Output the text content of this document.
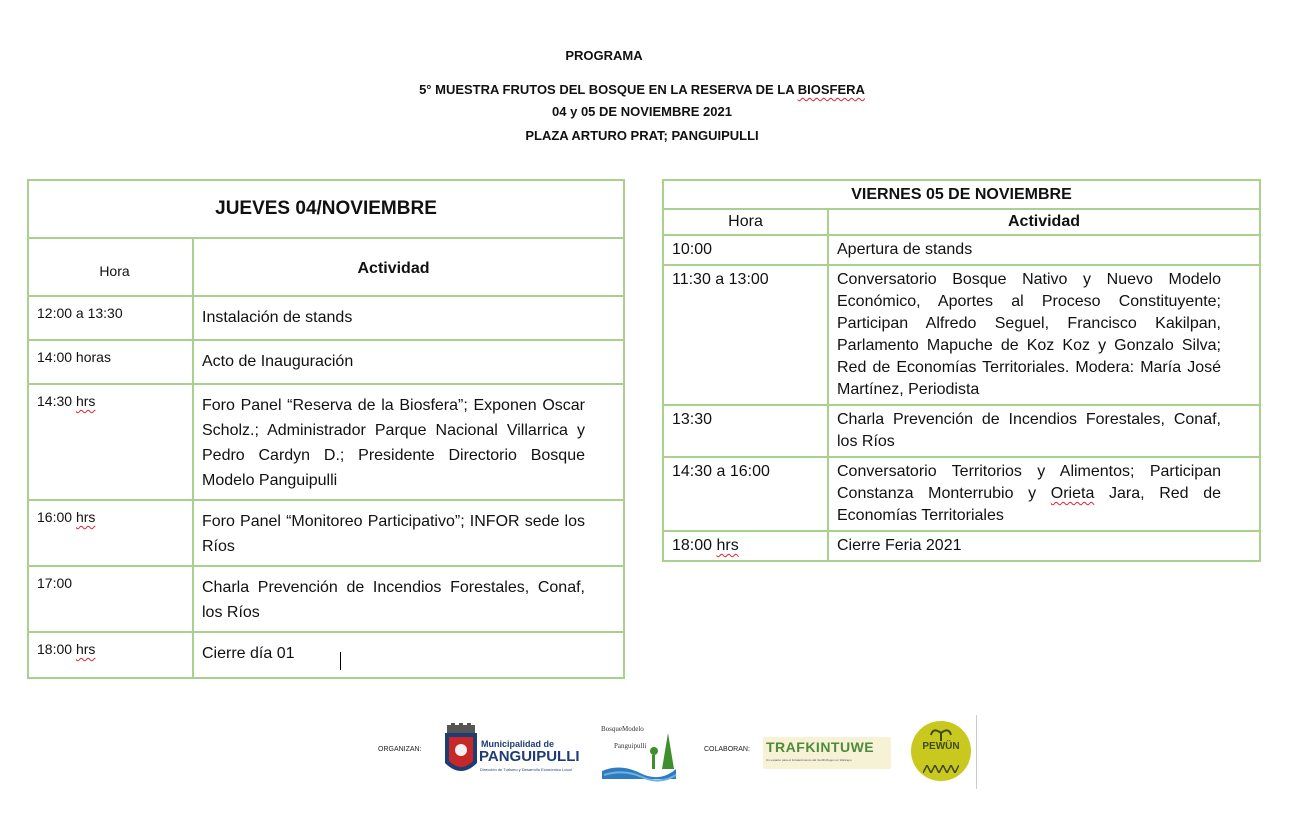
PROGRAMA
5° MUESTRA FRUTOS DEL BOSQUE EN LA RESERVA DE LA BIOSFERA
04 y 05 DE NOVIEMBRE 2021
PLAZA ARTURO PRAT; PANGUIPULLI
JUEVES 04/NOVIEMBRE	
Hora	Actividad
12:00 a 13:30	Instalación de stands
14:00 horas	Acto de Inauguración
14:30 hrs	Foro Panel “Reserva de la Biosfera”; Exponen Oscar Scholz.; Administrador Parque Nacional Villarrica y Pedro Cardyn D.; Presidente Directorio Bosque Modelo Panguipulli
16:00 hrs	Foro Panel “Monitoreo Participativo”; INFOR sede los Ríos
17:00	Charla Prevención de Incendios Forestales, Conaf, los Ríos
18:00 hrs	Cierre día 01
VIERNES 05 DE NOVIEMBRE	
Hora	Actividad
10:00	Apertura de stands
11:30 a 13:00	Conversatorio Bosque Nativo y Nuevo Modelo Económico, Aportes al Proceso Constituyente; Participan Alfredo Seguel, Francisco Kakilpan, Parlamento Mapuche de Koz Koz y Gonzalo Silva; Red de Economías Territoriales. Modera: María José Martínez, Periodista
13:30	Charla Prevención de Incendios Forestales, Conaf, los Ríos
14:30 a 16:00	Conversatorio Territorios y Alimentos; Participan Constanza Monterrubio y Orieta Jara, Red de Economías Territoriales
18:00 hrs	Cierre Feria 2021
ORGANIZAN:
Municipalidad de
PANGUIPULLI
Dirección de Turismo y Desarrollo Económico Local
BosqueModelo
Panguipulli	COLABORAN: TRAFKINTUWE
Un espacio para el fortalecimiento del Itxofill Mogen en Waitrapu
PEWÜN
